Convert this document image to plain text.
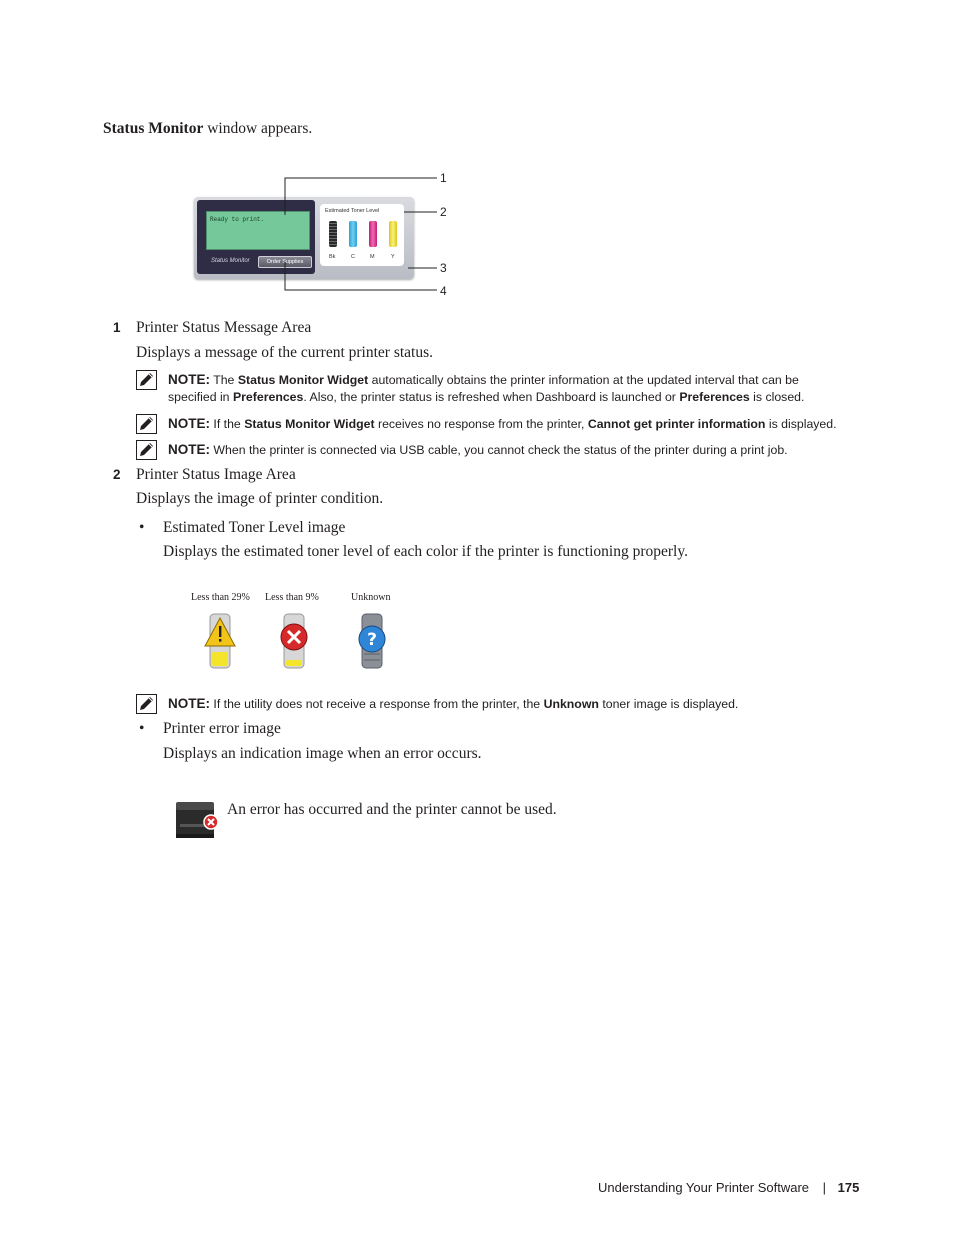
Status Monitor window appears.
Ready to print.
Status Monitor	Order Supplies
Estimated Toner Level
Bk	C	M	Y
1
2
3
4
1 Printer Status Message Area
Displays a message of the current printer status.
NOTE: The Status Monitor Widget automatically obtains the printer information at the updated interval that can be
specified in Preferences. Also, the printer status is refreshed when Dashboard is launched or Preferences is closed.
NOTE: If the Status Monitor Widget receives no response from the printer, Cannot get printer information is displayed.
NOTE: When the printer is connected via USB cable, you cannot check the status of the printer during a print job.
2 Printer Status Image Area
Displays the image of printer condition.
• Estimated Toner Level image
Displays the estimated toner level of each color if the printer is functioning properly.
Less than 29% Less than 9%	Unknown
?
NOTE: If the utility does not receive a response from the printer, the Unknown toner image is displayed.
• Printer error image
Displays an indication image when an error occurs.
An error has occurred and the printer cannot be used.
Understanding Your Printer Software | 175
